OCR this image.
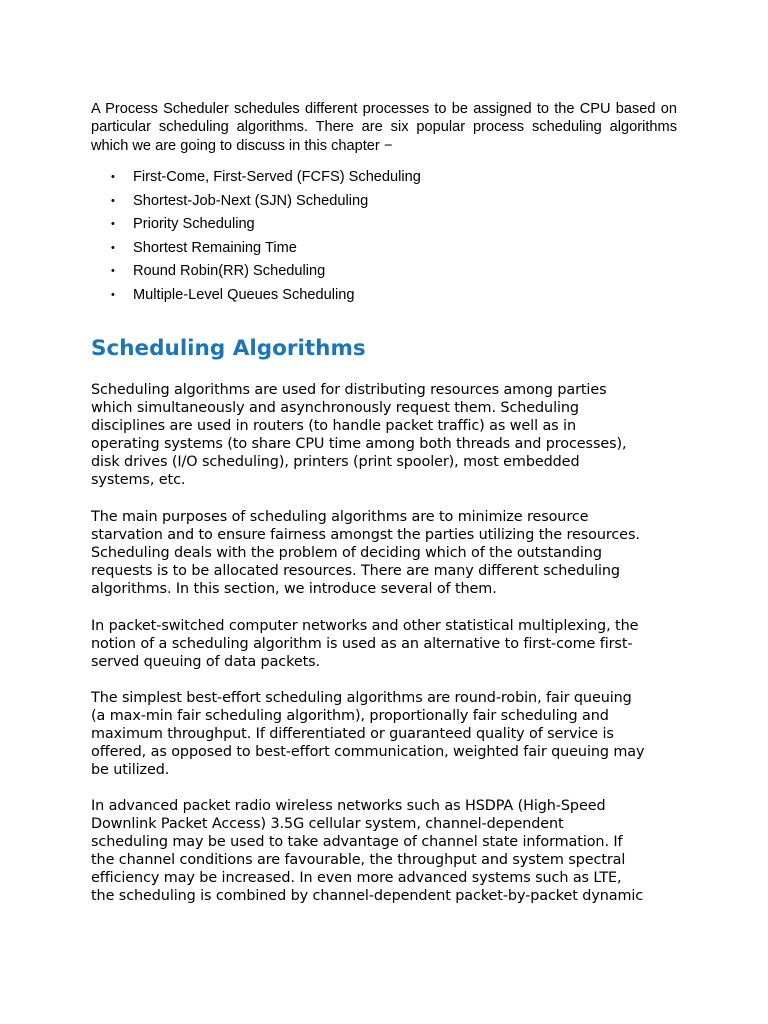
A Process Scheduler schedules different processes to be assigned to the CPU based on particular scheduling algorithms. There are six popular process scheduling algorithms which we are going to discuss in this chapter −

• First-Come, First-Served (FCFS) Scheduling
• Shortest-Job-Next (SJN) Scheduling
• Priority Scheduling
• Shortest Remaining Time
• Round Robin(RR) Scheduling
• Multiple-Level Queues Scheduling
Scheduling Algorithms

Scheduling algorithms are used for distributing resources among parties
which simultaneously and asynchronously request them. Scheduling
disciplines are used in routers (to handle packet traffic) as well as in
operating systems (to share CPU time among both threads and processes),
disk drives (I/O scheduling), printers (print spooler), most embedded
systems, etc.

The main purposes of scheduling algorithms are to minimize resource
starvation and to ensure fairness amongst the parties utilizing the resources.
Scheduling deals with the problem of deciding which of the outstanding
requests is to be allocated resources. There are many different scheduling
algorithms. In this section, we introduce several of them.

In packet-switched computer networks and other statistical multiplexing, the
notion of a scheduling algorithm is used as an alternative to first-come first-
served queuing of data packets.

The simplest best-effort scheduling algorithms are round-robin, fair queuing
(a max-min fair scheduling algorithm), proportionally fair scheduling and
maximum throughput. If differentiated or guaranteed quality of service is
offered, as opposed to best-effort communication, weighted fair queuing may
be utilized.

In advanced packet radio wireless networks such as HSDPA (High-Speed
Downlink Packet Access) 3.5G cellular system, channel-dependent
scheduling may be used to take advantage of channel state information. If
the channel conditions are favourable, the throughput and system spectral
efficiency may be increased. In even more advanced systems such as LTE,
the scheduling is combined by channel-dependent packet-by-packet dynamic
